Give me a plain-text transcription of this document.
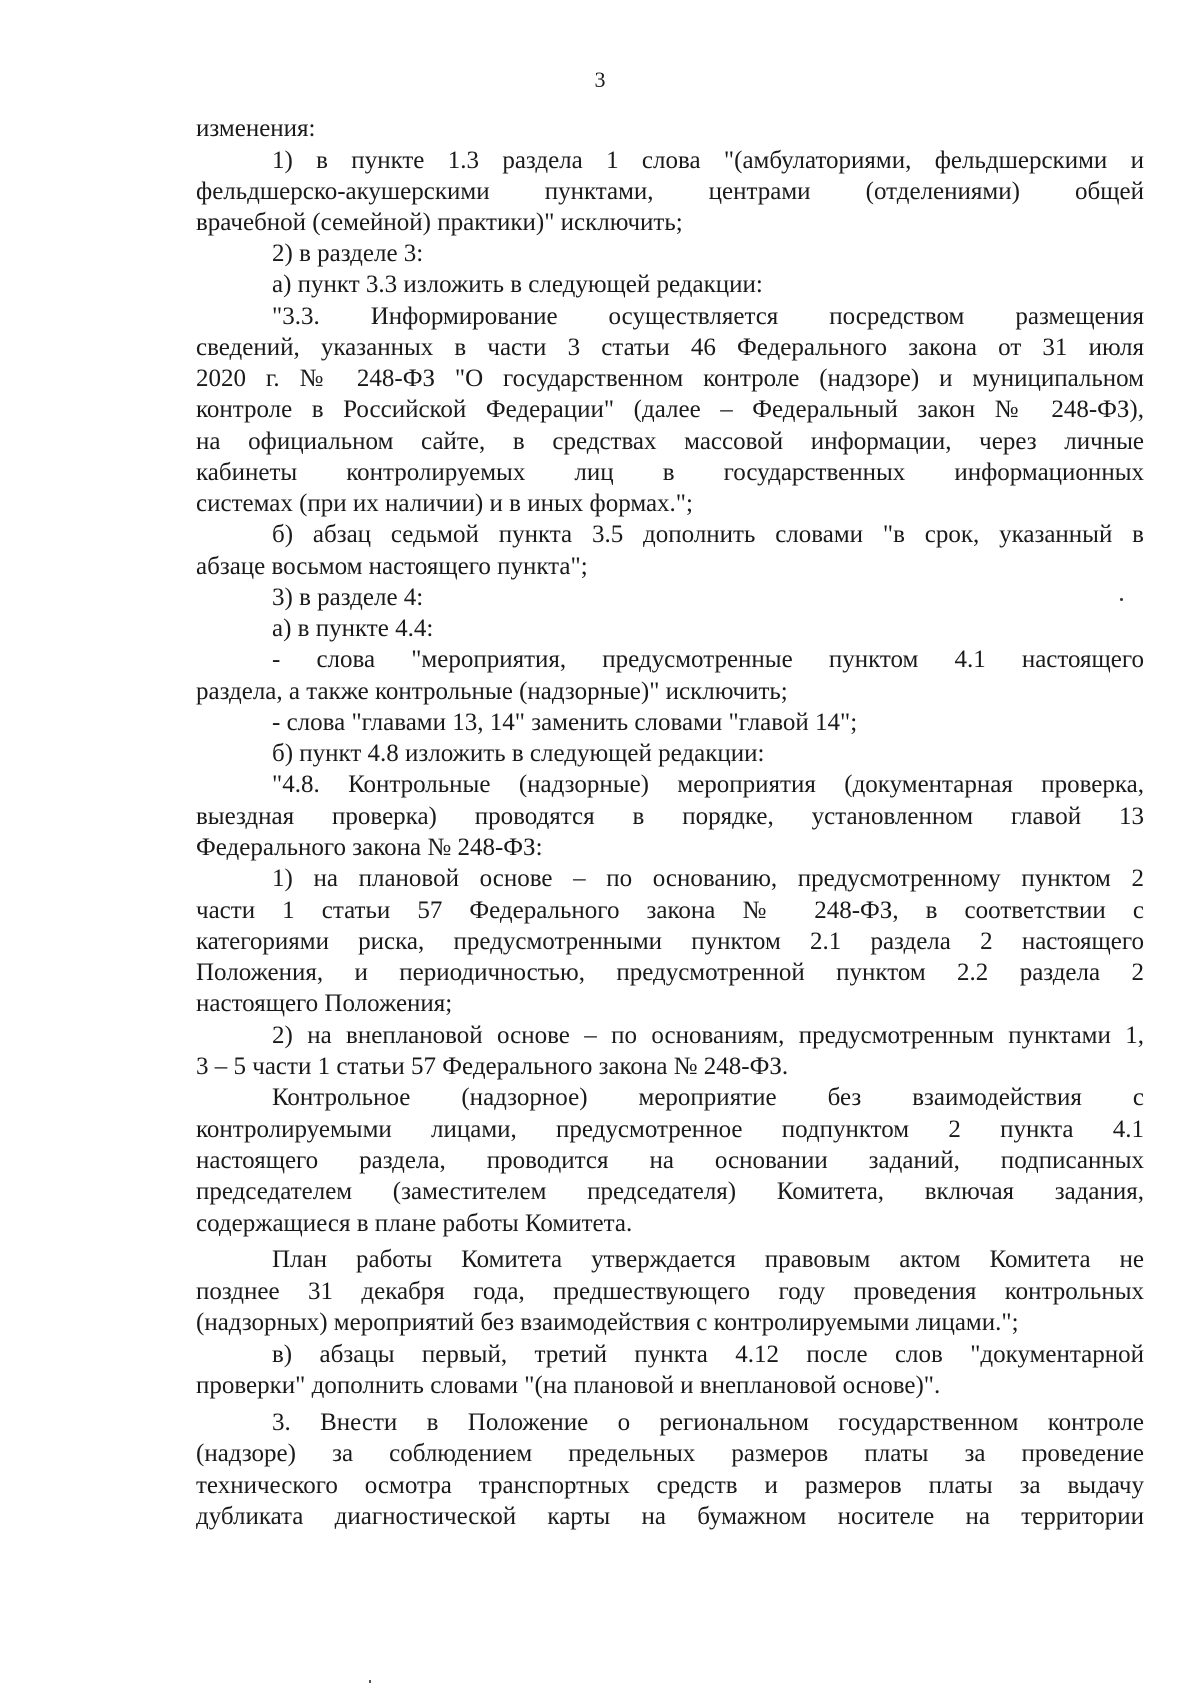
3
изменения:
1) в пункте 1.3 раздела 1 слова "(амбулаториями, фельдшерскими и
фельдшерско-акушерскими пунктами, центрами (отделениями) общей
врачебной (семейной) практики)" исключить;
2) в разделе 3:
а) пункт 3.3 изложить в следующей редакции:
"3.3. Информирование осуществляется посредством размещения
сведений, указанных в части 3 статьи 46 Федерального закона от 31 июля
2020 г. № 248-ФЗ "О государственном контроле (надзоре) и муниципальном
контроле в Российской Федерации" (далее – Федеральный закон № 248-ФЗ),
на официальном сайте, в средствах массовой информации, через личные
кабинеты контролируемых лиц в государственных информационных
системах (при их наличии) и в иных формах.";
б) абзац седьмой пункта 3.5 дополнить словами "в срок, указанный в
абзаце восьмом настоящего пункта";
3) в разделе 4:
а) в пункте 4.4:
- слова "мероприятия, предусмотренные пунктом 4.1 настоящего
раздела, а также контрольные (надзорные)" исключить;
- слова "главами 13, 14" заменить словами "главой 14";
б) пункт 4.8 изложить в следующей редакции:
"4.8. Контрольные (надзорные) мероприятия (документарная проверка,
выездная проверка) проводятся в порядке, установленном главой 13
Федерального закона № 248-ФЗ:
1) на плановой основе – по основанию, предусмотренному пунктом 2
части 1 статьи 57 Федерального закона № 248-ФЗ, в соответствии с
категориями риска, предусмотренными пунктом 2.1 раздела 2 настоящего
Положения, и периодичностью, предусмотренной пунктом 2.2 раздела 2
настоящего Положения;
2) на внеплановой основе – по основаниям, предусмотренным пунктами 1,
3 – 5 части 1 статьи 57 Федерального закона № 248-ФЗ.
Контрольное (надзорное) мероприятие без взаимодействия с
контролируемыми лицами, предусмотренное подпунктом 2 пункта 4.1
настоящего раздела, проводится на основании заданий, подписанных
председателем (заместителем председателя) Комитета, включая задания,
содержащиеся в плане работы Комитета.
План работы Комитета утверждается правовым актом Комитета не
позднее 31 декабря года, предшествующего году проведения контрольных
(надзорных) мероприятий без взаимодействия с контролируемыми лицами.";
в) абзацы первый, третий пункта 4.12 после слов "документарной
проверки" дополнить словами "(на плановой и внеплановой основе)".
3. Внести в Положение о региональном государственном контроле
(надзоре) за соблюдением предельных размеров платы за проведение
технического осмотра транспортных средств и размеров платы за выдачу
дубликата диагностической карты на бумажном носителе на территории
